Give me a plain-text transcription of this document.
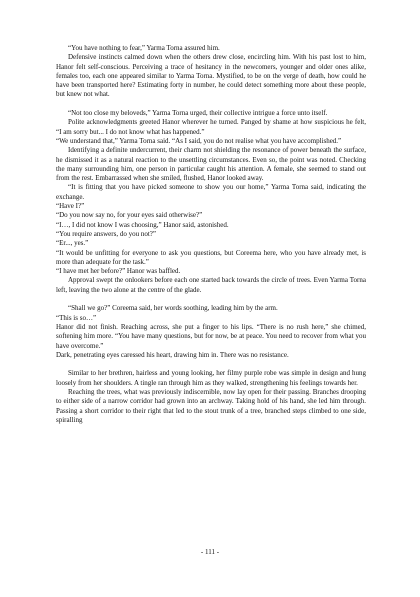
“You have nothing to fear,” Yarma Torna assured him.

Defensive instincts calmed down when the others drew close, encircling him. With his past lost to him, Hanor felt self-conscious. Perceiving a trace of hesitancy in the newcomers, younger and older ones alike, females too, each one appeared similar to Yarma Torna. Mystified, to be on the verge of death, how could he have been transported here? Estimating forty in number, he could detect something more about these people, but knew not what.

“Not too close my beloveds,” Yarma Torna urged, their collective intrigue a force unto itself.

Polite acknowledgments greeted Hanor wherever he turned. Panged by shame at how suspicious he felt, “I am sorry but... I do not know what has happened.”

“We understand that,” Yarma Torna said. “As I said, you do not realise what you have accomplished.”

Identifying a definite undercurrent, their charm not shielding the resonance of power beneath the surface, he dismissed it as a natural reaction to the unsettling circumstances. Even so, the point was noted. Checking the many surrounding him, one person in particular caught his attention. A female, she seemed to stand out from the rest. Embarrassed when she smiled, flushed, Hanor looked away.

“It is fitting that you have picked someone to show you our home,” Yarma Torna said, indicating the exchange.

“Have I?”

“Do you now say no, for your eyes said otherwise?”

“I…, I did not know I was choosing,” Hanor said, astonished.

“You require answers, do you not?”

“Er..., yes.”

“It would be unfitting for everyone to ask you questions, but Coreema here, who you have already met, is more than adequate for the task.”

“I have met her before?” Hanor was baffled.

Approval swept the onlookers before each one started back towards the circle of trees. Even Yarma Torna left, leaving the two alone at the centre of the glade.

“Shall we go?” Coreema said, her words soothing, leading him by the arm.

“This is so…”

Hanor did not finish. Reaching across, she put a finger to his lips. “There is no rush here,” she chimed, softening him more. “You have many questions, but for now, be at peace. You need to recover from what you have overcome.”

Dark, penetrating eyes caressed his heart, drawing him in. There was no resistance.

Similar to her brethren, hairless and young looking, her filmy purple robe was simple in design and hung loosely from her shoulders. A tingle ran through him as they walked, strengthening his feelings towards her.

Reaching the trees, what was previously indiscernible, now lay open for their passing. Branches drooping to either side of a narrow corridor had grown into an archway. Taking hold of his hand, she led him through. Passing a short corridor to their right that led to the stout trunk of a tree, branched steps climbed to one side, spiralling

- 111 -
